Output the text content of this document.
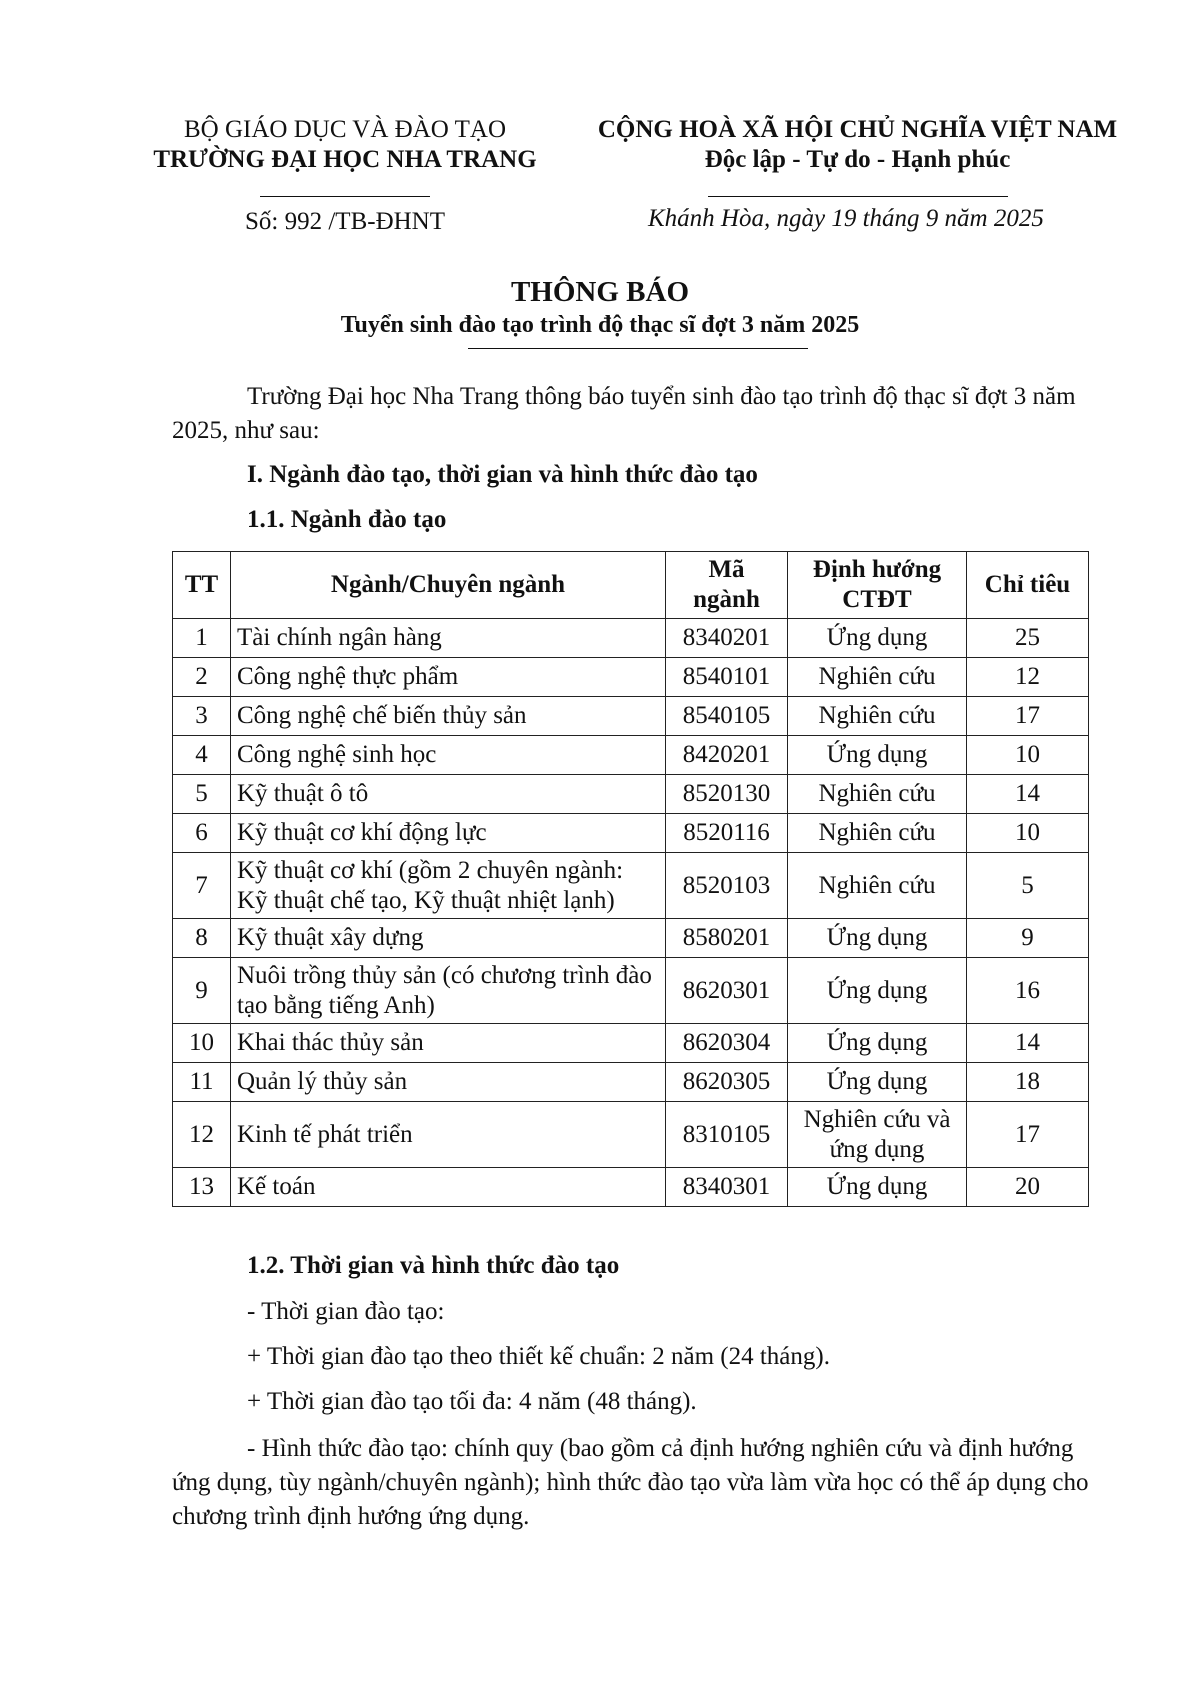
BỘ GIÁO DỤC VÀ ĐÀO TẠO
TRƯỜNG ĐẠI HỌC NHA TRANG
CỘNG HOÀ XÃ HỘI CHỦ NGHĨA VIỆT NAM
Độc lập - Tự do - Hạnh phúc
Số: 992 /TB-ĐHNT	Khánh Hòa, ngày 19 tháng 9 năm 2025
THÔNG BÁO
Tuyển sinh đào tạo trình độ thạc sĩ đợt 3 năm 2025
Trường Đại học Nha Trang thông báo tuyển sinh đào tạo trình độ thạc sĩ đợt 3 năm 2025, như sau:
I. Ngành đào tạo, thời gian và hình thức đào tạo
1.1. Ngành đào tạo
TT	Ngành/Chuyên ngành	Mã ngành	Định hướng CTĐT	Chỉ tiêu
1	Tài chính ngân hàng	8340201	Ứng dụng	25
2	Công nghệ thực phẩm	8540101	Nghiên cứu	12
3	Công nghệ chế biến thủy sản	8540105	Nghiên cứu	17
4	Công nghệ sinh học	8420201	Ứng dụng	10
5	Kỹ thuật ô tô	8520130	Nghiên cứu	14
6	Kỹ thuật cơ khí động lực	8520116	Nghiên cứu	10
7	Kỹ thuật cơ khí (gồm 2 chuyên ngành: Kỹ thuật chế tạo, Kỹ thuật nhiệt lạnh)	8520103	Nghiên cứu	5
8	Kỹ thuật xây dựng	8580201	Ứng dụng	9
9	Nuôi trồng thủy sản (có chương trình đào tạo bằng tiếng Anh)	8620301	Ứng dụng	16
10	Khai thác thủy sản	8620304	Ứng dụng	14
11	Quản lý thủy sản	8620305	Ứng dụng	18
12	Kinh tế phát triển	8310105	Nghiên cứu và ứng dụng	17
13	Kế toán	8340301	Ứng dụng	20
1.2. Thời gian và hình thức đào tạo
- Thời gian đào tạo:
+ Thời gian đào tạo theo thiết kế chuẩn: 2 năm (24 tháng).
+ Thời gian đào tạo tối đa: 4 năm (48 tháng).
- Hình thức đào tạo: chính quy (bao gồm cả định hướng nghiên cứu và định hướng ứng dụng, tùy ngành/chuyên ngành); hình thức đào tạo vừa làm vừa học có thể áp dụng cho chương trình định hướng ứng dụng.
